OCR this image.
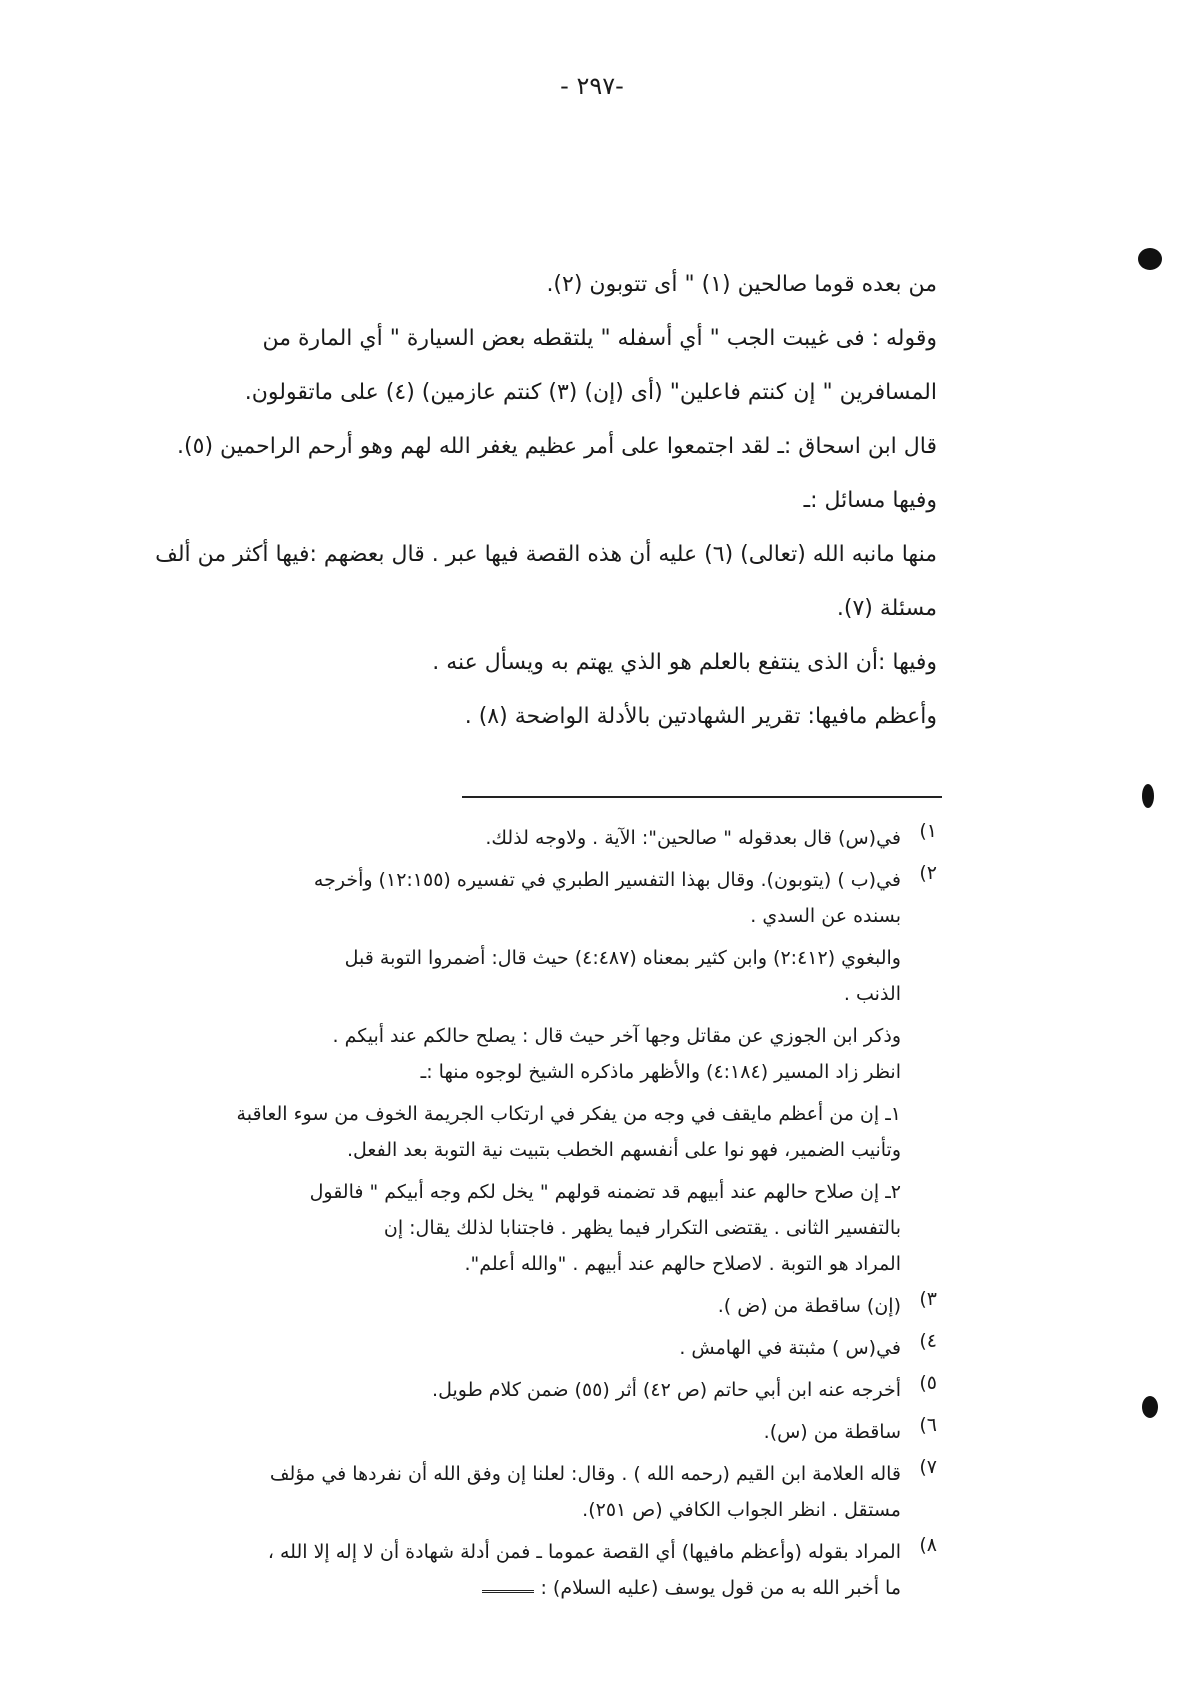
-٢٩٧ -
من بعده قوما صالحين (١) " أى تتوبون (٢).
وقوله : فى غيبت الجب " أي أسفله " يلتقطه بعض السيارة " أي المارة من
المسافرين " إن كنتم فاعلين" (أى (إن) (٣) كنتم عازمين) (٤) على ماتقولون.
قال ابن اسحاق :ـ لقد اجتمعوا على أمر عظيم يغفر الله لهم وهو أرحم الراحمين (٥).
وفيها مسائل :ـ
منها مانبه الله (تعالى) (٦) عليه أن هذه القصة فيها عبر . قال بعضهم :فيها أكثر من ألف
مسئلة (٧).
وفيها :أن الذى ينتفع بالعلم هو الذي يهتم به ويسأل عنه .
وأعظم مافيها: تقرير الشهادتين بالأدلة الواضحة (٨) .
١)
في(س) قال بعدقوله " صالحين": الآية . ولاوجه لذلك.
٢)
في(ب ) (يتوبون). وقال بهذا التفسير الطبري في تفسيره (١٢:١٥٥) وأخرجه
بسنده عن السدي .
والبغوي (٢:٤١٢) وابن كثير بمعناه (٤:٤٨٧) حيث قال: أضمروا التوبة قبل
الذنب .
وذكر ابن الجوزي عن مقاتل وجها آخر حيث قال : يصلح حالكم عند أبيكم .
انظر زاد المسير (٤:١٨٤) والأظهر ماذكره الشيخ لوجوه منها :ـ
١ـ إن من أعظم مايقف في وجه من يفكر في ارتكاب الجريمة الخوف من سوء العاقبة
وتأنيب الضمير، فهو نوا على أنفسهم الخطب بتبيت نية التوبة بعد الفعل.
٢ـ إن صلاح حالهم عند أبيهم قد تضمنه قولهم " يخل لكم وجه أبيكم " فالقول
بالتفسير الثانى . يقتضى التكرار فيما يظهر . فاجتنابا لذلك يقال: إن
المراد هو التوبة . لاصلاح حالهم عند أبيهم . "والله أعلم".
٣)
(إن) ساقطة من (ض ).
٤)
في(س ) مثبتة في الهامش .
٥)
أخرجه عنه ابن أبي حاتم (ص ٤٢) أثر (٥٥) ضمن كلام طويل.
٦)
ساقطة من (س).
٧)
قاله العلامة ابن القيم (رحمه الله ) . وقال: لعلنا إن وفق الله أن نفردها في مؤلف
مستقل . انظر الجواب الكافي (ص ٢٥١).
٨)
المراد بقوله (وأعظم مافيها) أي القصة عموما ـ فمن أدلة شهادة أن لا إله إلا الله ،
ما أخبر الله به من قول يوسف (عليه السلام) :
